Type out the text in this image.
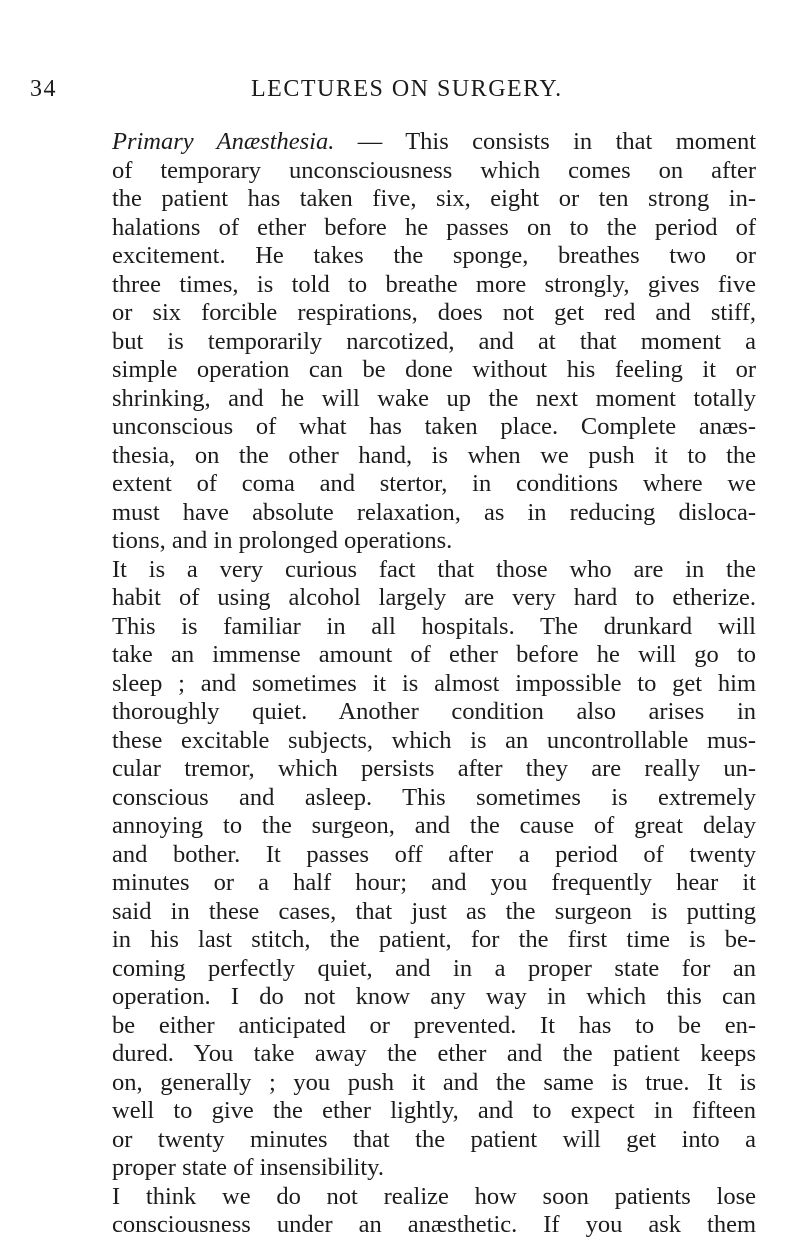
34	LECTURES ON SURGERY.
Primary Anæsthesia. — This consists in that moment
of temporary unconsciousness which comes on after
the patient has taken five, six, eight or ten strong in-
halations of ether before he passes on to the period of
excitement. He takes the sponge, breathes two or
three times, is told to breathe more strongly, gives five
or six forcible respirations, does not get red and stiff,
but is temporarily narcotized, and at that moment a
simple operation can be done without his feeling it or
shrinking, and he will wake up the next moment totally
unconscious of what has taken place. Complete anæs-
thesia, on the other hand, is when we push it to the
extent of coma and stertor, in conditions where we
must have absolute relaxation, as in reducing disloca-
tions, and in prolonged operations.
It is a very curious fact that those who are in the
habit of using alcohol largely are very hard to etherize.
This is familiar in all hospitals. The drunkard will
take an immense amount of ether before he will go to
sleep ; and sometimes it is almost impossible to get him
thoroughly quiet. Another condition also arises in
these excitable subjects, which is an uncontrollable mus-
cular tremor, which persists after they are really un-
conscious and asleep. This sometimes is extremely
annoying to the surgeon, and the cause of great delay
and bother. It passes off after a period of twenty
minutes or a half hour; and you frequently hear it
said in these cases, that just as the surgeon is putting
in his last stitch, the patient, for the first time is be-
coming perfectly quiet, and in a proper state for an
operation. I do not know any way in which this can
be either anticipated or prevented. It has to be en-
dured. You take away the ether and the patient keeps
on, generally ; you push it and the same is true. It is
well to give the ether lightly, and to expect in fifteen
or twenty minutes that the patient will get into a
proper state of insensibility.
I think we do not realize how soon patients lose
consciousness under an anæsthetic. If you ask them
